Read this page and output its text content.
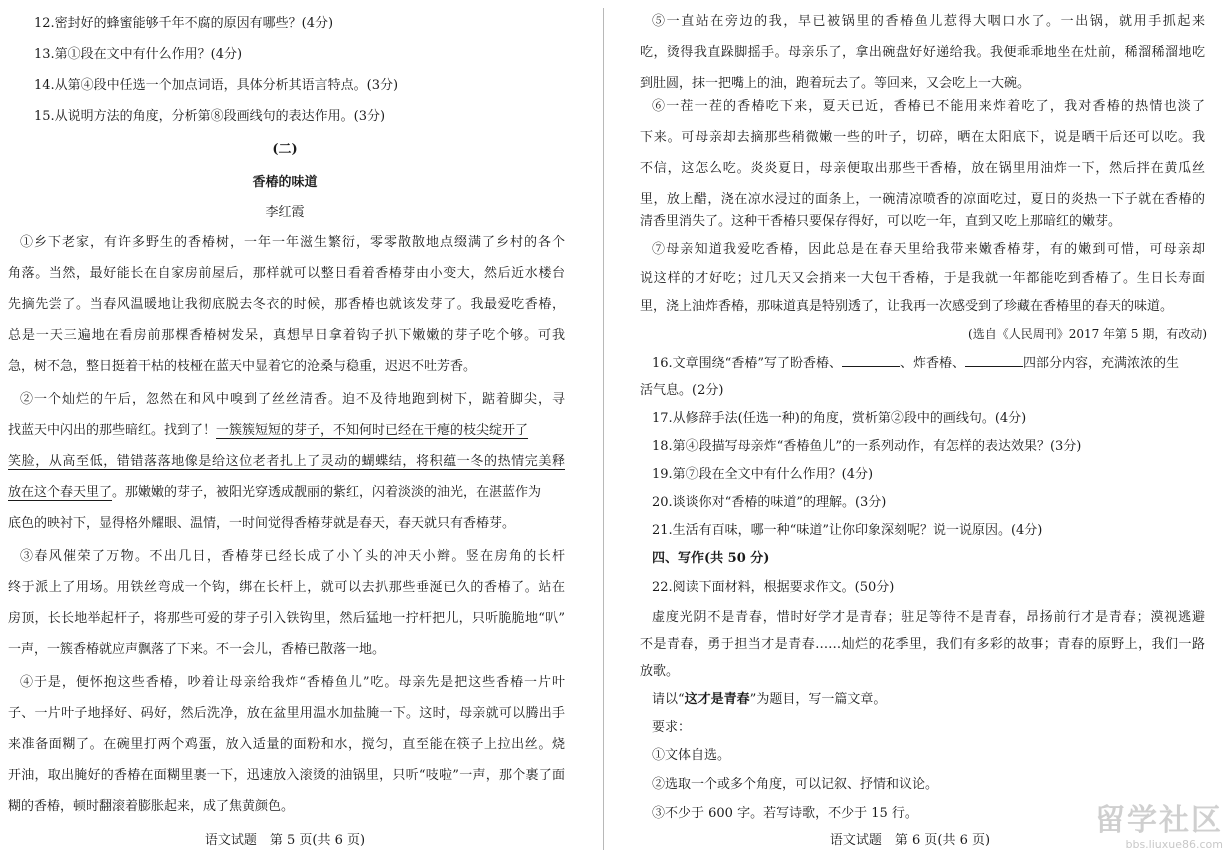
12.密封好的蜂蜜能够千年不腐的原因有哪些？(4分)
13.第①段在文中有什么作用？(4分)
14.从第④段中任选一个加点词语，具体分析其语言特点。(3分)
15.从说明方法的角度，分析第⑧段画线句的表达作用。(3分)
(二)
香椿的味道
李红霞
①乡下老家，有许多野生的香椿树，一年一年滋生繁衍，零零散散地点缀满了乡村的各个
角落。当然，最好能长在自家房前屋后，那样就可以整日看着香椿芽由小变大，然后近水楼台
先摘先尝了。当春风温暖地让我彻底脱去冬衣的时候，那香椿也就该发芽了。我最爱吃香椿，
总是一天三遍地在看房前那棵香椿树发呆，真想早日拿着钩子扒下嫩嫩的芽子吃个够。可我
急，树不急，整日挺着干枯的枝桠在蓝天中显着它的沧桑与稳重，迟迟不吐芳香。
②一个灿烂的午后，忽然在和风中嗅到了丝丝清香。迫不及待地跑到树下，踮着脚尖，寻
找蓝天中闪出的那些暗红。找到了！一簇簇短短的芽子，不知何时已经在干瘪的枝尖绽开了
笑脸，从高至低，错错落落地像是给这位老者扎上了灵动的蝴蝶结，将积蕴一冬的热情完美释
放在这个春天里了。那嫩嫩的芽子，被阳光穿透成靓丽的紫红，闪着淡淡的油光，在湛蓝作为
底色的映衬下，显得格外耀眼、温情，一时间觉得香椿芽就是春天，春天就只有香椿芽。
③春风催荣了万物。不出几日，香椿芽已经长成了小丫头的冲天小辫。竖在房角的长杆
终于派上了用场。用铁丝弯成一个钩，绑在长杆上，就可以去扒那些垂涎已久的香椿了。站在
房顶，长长地举起杆子，将那些可爱的芽子引入铁钩里，然后猛地一拧杆把儿，只听脆脆地“叭”
一声，一簇香椿就应声飘落了下来。不一会儿，香椿已散落一地。
④于是，便怀抱这些香椿，吵着让母亲给我炸“香椿鱼儿”吃。母亲先是把这些香椿一片叶
子、一片叶子地择好、码好，然后洗净，放在盆里用温水加盐腌一下。这时，母亲就可以腾出手
来准备面糊了。在碗里打两个鸡蛋，放入适量的面粉和水，搅匀，直至能在筷子上拉出丝。烧
开油，取出腌好的香椿在面糊里裹一下，迅速放入滚烫的油锅里，只听“吱啦”一声，那个裹了面
糊的香椿，顿时翻滚着膨胀起来，成了焦黄颜色。
语文试题　第 5 页(共 6 页)
⑤一直站在旁边的我，早已被锅里的香椿鱼儿惹得大咽口水了。一出锅，就用手抓起来
吃，烫得我直跺脚摇手。母亲乐了，拿出碗盘好好递给我。我便乖乖地坐在灶前，稀溜稀溜地吃
到肚圆，抹一把嘴上的油，跑着玩去了。等回来，又会吃上一大碗。
⑥一茬一茬的香椿吃下来，夏天已近，香椿已不能用来炸着吃了，我对香椿的热情也淡了
下来。可母亲却去摘那些稍微嫩一些的叶子，切碎，晒在太阳底下，说是晒干后还可以吃。我
不信，这怎么吃。炎炎夏日，母亲便取出那些干香椿，放在锅里用油炸一下，然后拌在黄瓜丝
里，放上醋，浇在凉水浸过的面条上，一碗清凉喷香的凉面吃过，夏日的炎热一下子就在香椿的
清香里消失了。这种干香椿只要保存得好，可以吃一年，直到又吃上那暗红的嫩芽。
⑦母亲知道我爱吃香椿，因此总是在春天里给我带来嫩香椿芽，有的嫩到可惜，可母亲却
说这样的才好吃；过几天又会捎来一大包干香椿，于是我就一年都能吃到香椿了。生日长寿面
里，浇上油炸香椿，那味道真是特别透了，让我再一次感受到了珍藏在香椿里的春天的味道。
(选自《人民周刊》2017 年第 5 期，有改动)
16.文章围绕“香椿”写了盼香椿、	、炸香椿、	四部分内容，充满浓浓的生
活气息。(2分)
17.从修辞手法(任选一种)的角度，赏析第②段中的画线句。(4分)
18.第④段描写母亲炸“香椿鱼儿”的一系列动作，有怎样的表达效果？(3分)
19.第⑦段在全文中有什么作用？(4分)
20.谈谈你对“香椿的味道”的理解。(3分)
21.生活有百味，哪一种“味道”让你印象深刻呢？说一说原因。(4分)
四、写作(共 50 分)
22.阅读下面材料，根据要求作文。(50分)
虚度光阴不是青春，惜时好学才是青春；驻足等待不是青春，昂扬前行才是青春；漠视逃避
不是青春，勇于担当才是青春……灿烂的花季里，我们有多彩的故事；青春的原野上，我们一路
放歌。
请以“这才是青春”为题目，写一篇文章。
要求：
①文体自选。
②选取一个或多个角度，可以记叙、抒情和议论。
③不少于 600 字。若写诗歌，不少于 15 行。
语文试题　第 6 页(共 6 页)
留学社区
bbs.liuxue86.com
